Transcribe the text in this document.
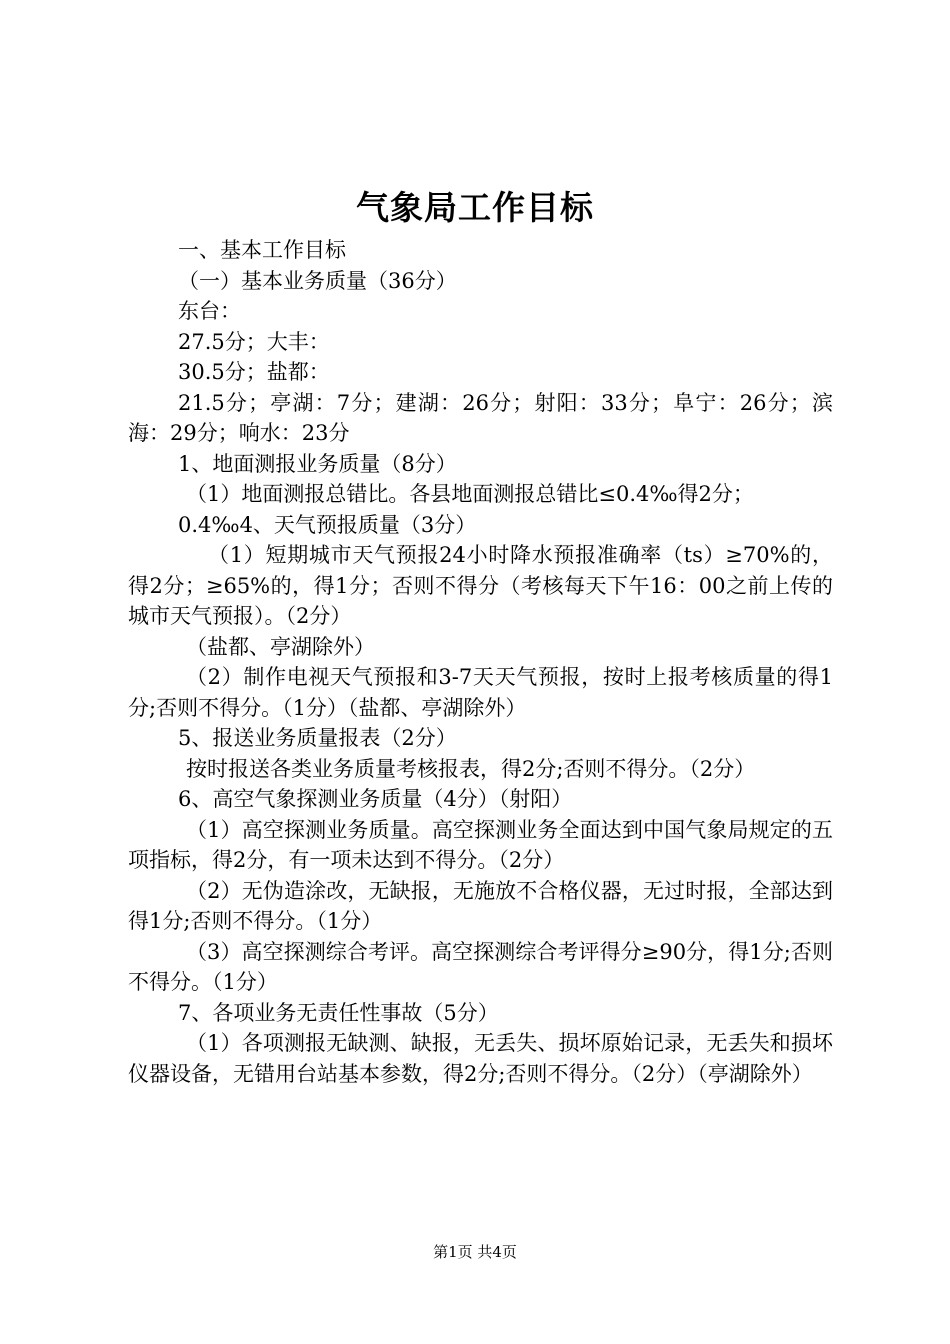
气象局工作目标

一、基本工作目标

（一）基本业务质量（36分）

东台：

27.5分；大丰：

30.5分；盐都：

21.5分；亭湖：7分；建湖：26分；射阳：33分；阜宁：26分；滨海：29分；响水：23分

1、地面测报业务质量（8分）

（1）地面测报总错比。各县地面测报总错比≤0.4‰得2分；

0.4‰4、天气预报质量（3分）

（1）短期城市天气预报24小时降水预报准确率（ts）≥70%的，得2分；≥65%的，得1分；否则不得分（考核每天下午16：00之前上传的城市天气预报）。（2分）

（盐都、亭湖除外）

（2）制作电视天气预报和3-7天天气预报，按时上报考核质量的得1分;否则不得分。（1分）（盐都、亭湖除外）

5、报送业务质量报表（2分）

按时报送各类业务质量考核报表，得2分;否则不得分。（2分）

6、高空气象探测业务质量（4分）（射阳）

（1）高空探测业务质量。高空探测业务全面达到中国气象局规定的五项指标，得2分，有一项未达到不得分。（2分）

（2）无伪造涂改，无缺报，无施放不合格仪器，无过时报，全部达到得1分;否则不得分。（1分）

（3）高空探测综合考评。高空探测综合考评得分≥90分，得1分;否则不得分。（1分）

7、各项业务无责任性事故（5分）

（1）各项测报无缺测、缺报，无丢失、损坏原始记录，无丢失和损坏仪器设备，无错用台站基本参数，得2分;否则不得分。（2分）（亭湖除外）

第1页 共4页
